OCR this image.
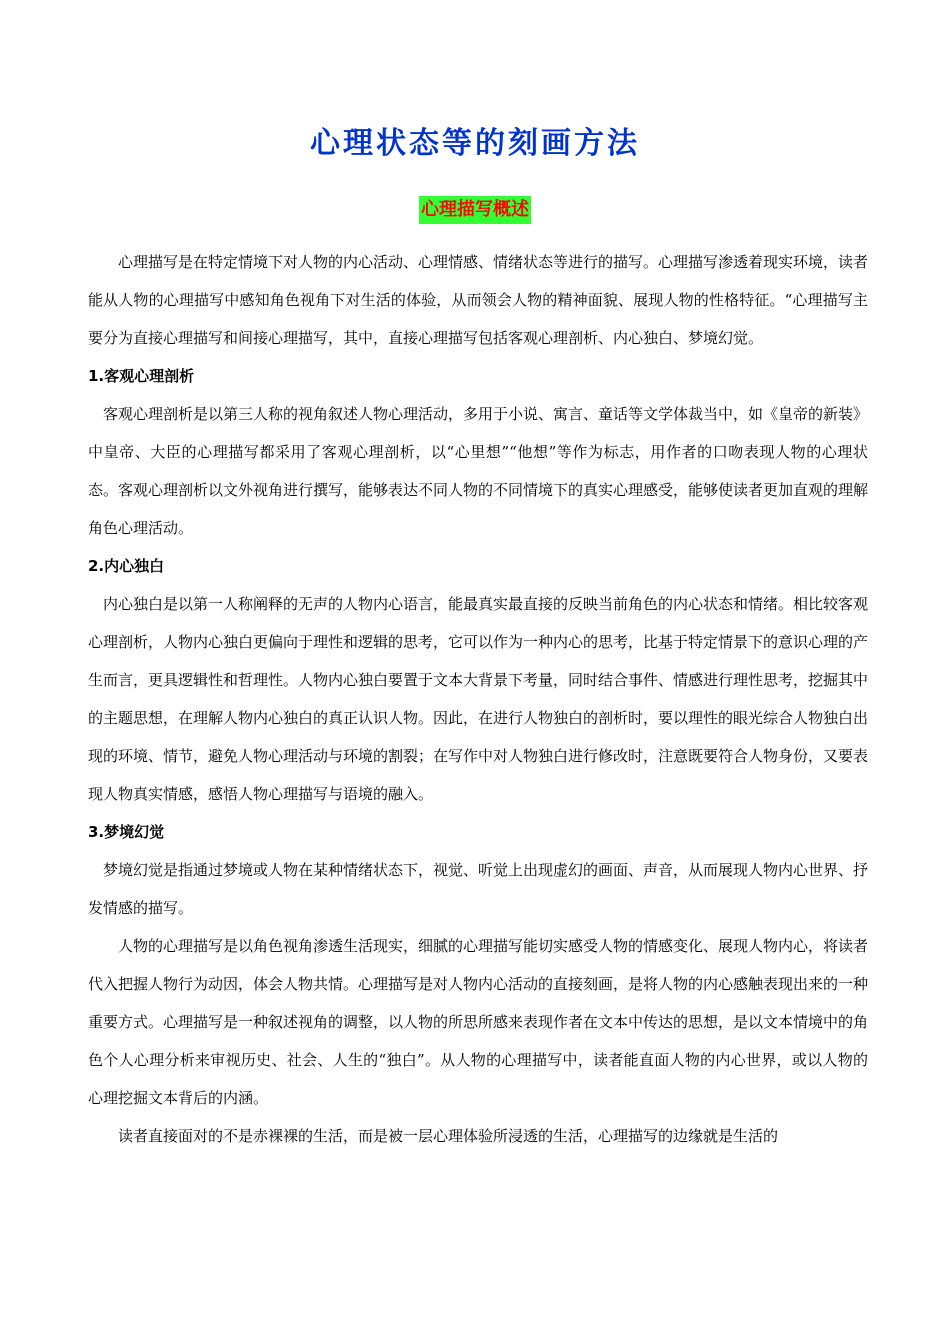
心理状态等的刻画方法
心理描写概述

心理描写是在特定情境下对人物的内心活动、心理情感、情绪状态等进行的描写。心理描写渗透着现实环境，读者能从人物的心理描写中感知角色视角下对生活的体验，从而领会人物的精神面貌、展现人物的性格特征。“心理描写主要分为直接心理描写和间接心理描写，其中，直接心理描写包括客观心理剖析、内心独白、梦境幻觉。

1.客观心理剖析

客观心理剖析是以第三人称的视角叙述人物心理活动，多用于小说、寓言、童话等文学体裁当中，如《皇帝的新装》中皇帝、大臣的心理描写都采用了客观心理剖析，以“心里想”“他想”等作为标志，用作者的口吻表现人物的心理状态。客观心理剖析以文外视角进行撰写，能够表达不同人物的不同情境下的真实心理感受，能够使读者更加直观的理解角色心理活动。

2.内心独白

内心独白是以第一人称阐释的无声的人物内心语言，能最真实最直接的反映当前角色的内心状态和情绪。相比较客观心理剖析，人物内心独白更偏向于理性和逻辑的思考，它可以作为一种内心的思考，比基于特定情景下的意识心理的产生而言，更具逻辑性和哲理性。人物内心独白要置于文本大背景下考量，同时结合事件、情感进行理性思考，挖掘其中的主题思想，在理解人物内心独白的真正认识人物。因此，在进行人物独白的剖析时，要以理性的眼光综合人物独白出现的环境、情节，避免人物心理活动与环境的割裂；在写作中对人物独白进行修改时，注意既要符合人物身份，又要表现人物真实情感，感悟人物心理描写与语境的融入。

3.梦境幻觉

梦境幻觉是指通过梦境或人物在某种情绪状态下，视觉、听觉上出现虚幻的画面、声音，从而展现人物内心世界、抒发情感的描写。

人物的心理描写是以角色视角渗透生活现实，细腻的心理描写能切实感受人物的情感变化、展现人物内心，将读者代入把握人物行为动因，体会人物共情。心理描写是对人物内心活动的直接刻画，是将人物的内心感触表现出来的一种重要方式。心理描写是一种叙述视角的调整，以人物的所思所感来表现作者在文本中传达的思想，是以文本情境中的角色个人心理分析来审视历史、社会、人生的“独白”。从人物的心理描写中，读者能直面人物的内心世界，或以人物的心理挖掘文本背后的内涵。

读者直接面对的不是赤裸裸的生活，而是被一层心理体验所浸透的生活，心理描写的边缘就是生活的
